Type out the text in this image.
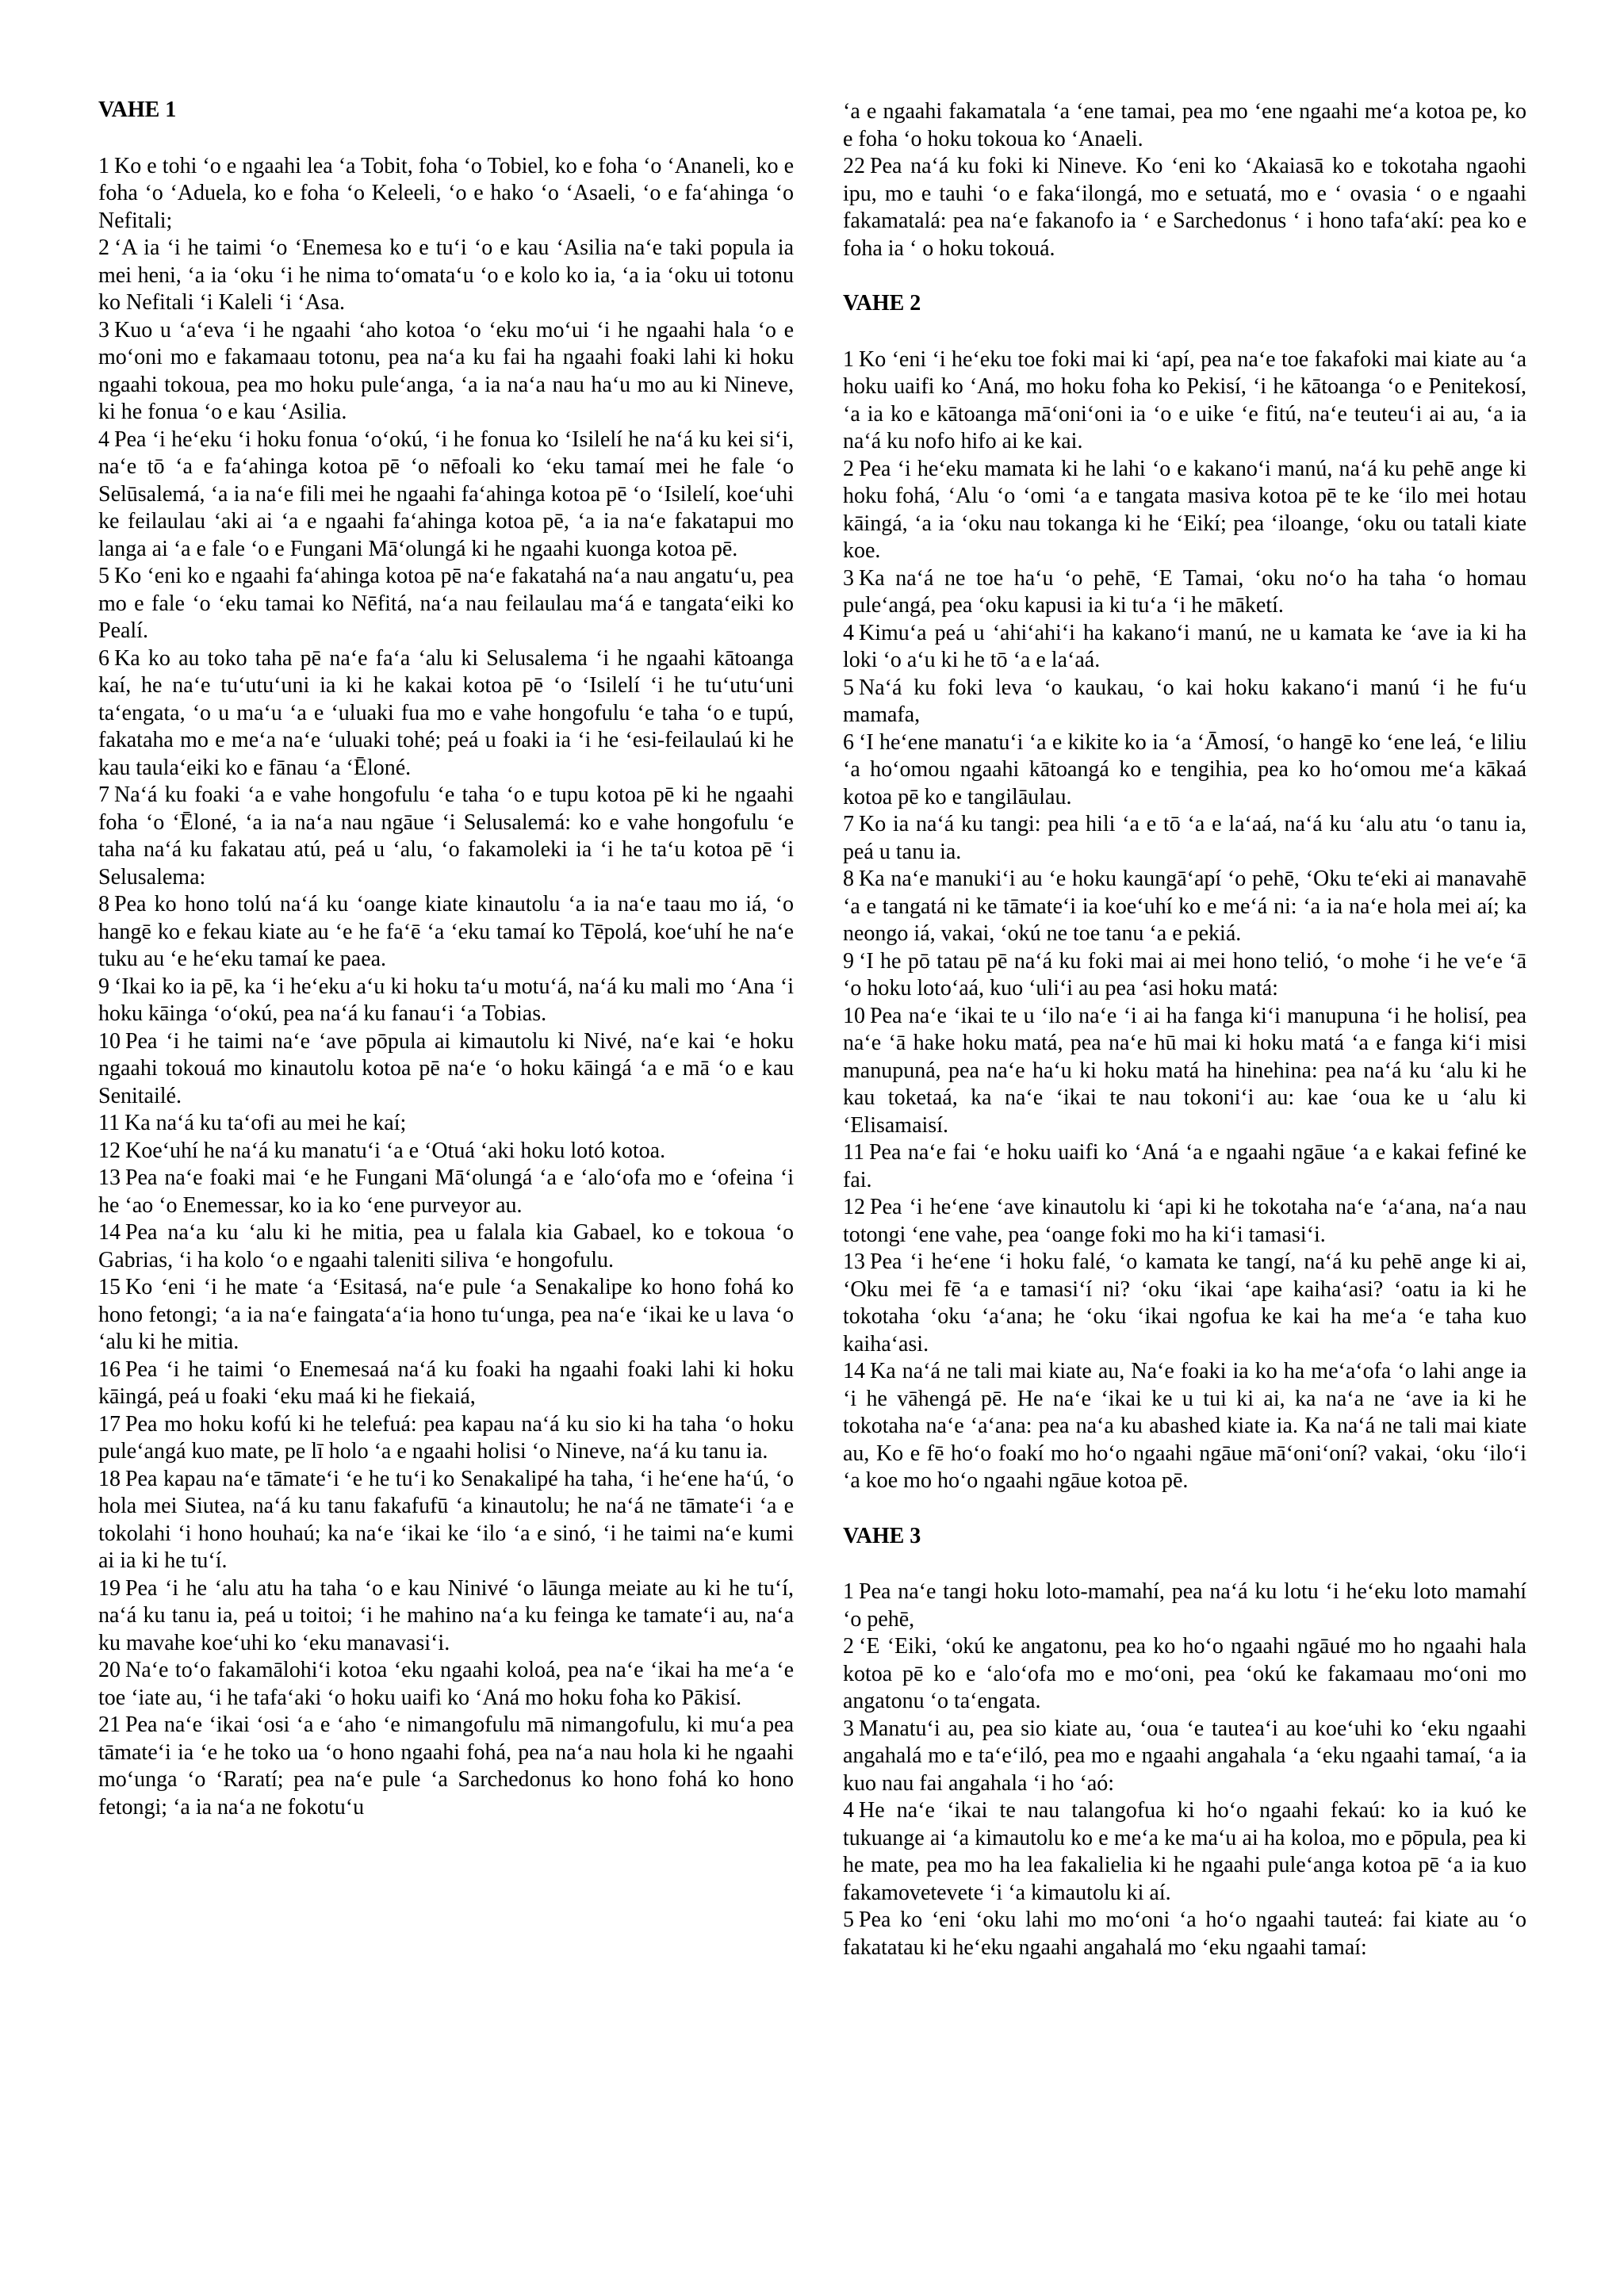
VAHE 1

1 Ko e tohi ʻo e ngaahi lea ʻa Tobit, foha ʻo Tobiel, ko e foha ʻo ʻAnaneli, ko e foha ʻo ʻAduela, ko e foha ʻo Keleeli, ʻo e hako ʻo ʻAsaeli, ʻo e faʻahinga ʻo Nefitali;

2 ʻA ia ʻi he taimi ʻo ʻEnemesa ko e tuʻi ʻo e kau ʻAsilia naʻe taki popula ia mei heni, ʻa ia ʻoku ʻi he nima toʻomataʻu ʻo e kolo ko ia, ʻa ia ʻoku ui totonu ko Nefitali ʻi Kaleli ʻi ʻAsa.

3 Kuo u ʻaʻeva ʻi he ngaahi ʻaho kotoa ʻo ʻeku moʻui ʻi he ngaahi hala ʻo e moʻoni mo e fakamaau totonu, pea naʻa ku fai ha ngaahi foaki lahi ki hoku ngaahi tokoua, pea mo hoku puleʻanga, ʻa ia naʻa nau haʻu mo au ki Nineve, ki he fonua ʻo e kau ʻAsilia.

4 Pea ʻi heʻeku ʻi hoku fonua ʻoʻokú, ʻi he fonua ko ʻIsilelí he naʻá ku kei siʻi, naʻe tō ʻa e faʻahinga kotoa pē ʻo nēfoali ko ʻeku tamaí mei he fale ʻo Selūsalemá, ʻa ia naʻe fili mei he ngaahi faʻahinga kotoa pē ʻo ʻIsilelí, koeʻuhi ke feilaulau ʻaki ai ʻa e ngaahi faʻahinga kotoa pē, ʻa ia naʻe fakatapui mo langa ai ʻa e fale ʻo e Fungani Māʻolungá ki he ngaahi kuonga kotoa pē.

5 Ko ʻeni ko e ngaahi faʻahinga kotoa pē naʻe fakatahá naʻa nau angatuʻu, pea mo e fale ʻo ʻeku tamai ko Nēfitá, naʻa nau feilaulau maʻá e tangataʻeiki ko Pealí.

6 Ka ko au toko taha pē naʻe faʻa ʻalu ki Selusalema ʻi he ngaahi kātoanga kaí, he naʻe tuʻutuʻuni ia ki he kakai kotoa pē ʻo ʻIsilelí ʻi he tuʻutuʻuni taʻengata, ʻo u maʻu ʻa e ʻuluaki fua mo e vahe hongofulu ʻe taha ʻo e tupú, fakataha mo e meʻa naʻe ʻuluaki tohé; peá u foaki ia ʻi he ʻesi-feilaulaú ki he kau taulaʻeiki ko e fānau ʻa ʻĒloné.

7 Naʻá ku foaki ʻa e vahe hongofulu ʻe taha ʻo e tupu kotoa pē ki he ngaahi foha ʻo ʻĒloné, ʻa ia naʻa nau ngāue ʻi Selusalemá: ko e vahe hongofulu ʻe taha naʻá ku fakatau atú, peá u ʻalu, ʻo fakamoleki ia ʻi he taʻu kotoa pē ʻi Selusalema:

8 Pea ko hono tolú naʻá ku ʻoange kiate kinautolu ʻa ia naʻe taau mo iá, ʻo hangē ko e fekau kiate au ʻe he faʻē ʻa ʻeku tamaí ko Tēpolá, koeʻuhí he naʻe tuku au ʻe heʻeku tamaí ke paea.

9 ʻIkai ko ia pē, ka ʻi heʻeku aʻu ki hoku taʻu motuʻá, naʻá ku mali mo ʻAna ʻi hoku kāinga ʻoʻokú, pea naʻá ku fanauʻi ʻa Tobias.

10 Pea ʻi he taimi naʻe ʻave pōpula ai kimautolu ki Nivé, naʻe kai ʻe hoku ngaahi tokouá mo kinautolu kotoa pē naʻe ʻo hoku kāingá ʻa e mā ʻo e kau Senitailé.

11 Ka naʻá ku taʻofi au mei he kaí;

12 Koeʻuhí he naʻá ku manatuʻi ʻa e ʻOtuá ʻaki hoku lotó kotoa.

13 Pea naʻe foaki mai ʻe he Fungani Māʻolungá ʻa e ʻaloʻofa mo e ʻofeina ʻi he ʻao ʻo Enemessar, ko ia ko ʻene purveyor au.

14 Pea naʻa ku ʻalu ki he mitia, pea u falala kia Gabael, ko e tokoua ʻo Gabrias, ʻi ha kolo ʻo e ngaahi taleniti siliva ʻe hongofulu.

15 Ko ʻeni ʻi he mate ʻa ʻEsitasá, naʻe pule ʻa Senakalipe ko hono fohá ko hono fetongi; ʻa ia naʻe faingataʻaʻia hono tuʻunga, pea naʻe ʻikai ke u lava ʻo ʻalu ki he mitia.

16 Pea ʻi he taimi ʻo Enemesaá naʻá ku foaki ha ngaahi foaki lahi ki hoku kāingá, peá u foaki ʻeku maá ki he fiekaiá,

17 Pea mo hoku kofú ki he telefuá: pea kapau naʻá ku sio ki ha taha ʻo hoku puleʻangá kuo mate, pe lī holo ʻa e ngaahi holisi ʻo Nineve, naʻá ku tanu ia.

18 Pea kapau naʻe tāmateʻi ʻe he tuʻi ko Senakalipé ha taha, ʻi heʻene haʻú, ʻo hola mei Siutea, naʻá ku tanu fakafufū ʻa kinautolu; he naʻá ne tāmateʻi ʻa e tokolahi ʻi hono houhaú; ka naʻe ʻikai ke ʻilo ʻa e sinó, ʻi he taimi naʻe kumi ai ia ki he tuʻí.

19 Pea ʻi he ʻalu atu ha taha ʻo e kau Ninivé ʻo lāunga meiate au ki he tuʻí, naʻá ku tanu ia, peá u toitoi; ʻi he mahino naʻa ku feinga ke tamateʻi au, naʻa ku mavahe koeʻuhi ko ʻeku manavasiʻi.

20 Naʻe toʻo fakamālohiʻi kotoa ʻeku ngaahi koloá, pea naʻe ʻikai ha meʻa ʻe toe ʻiate au, ʻi he tafaʻaki ʻo hoku uaifi ko ʻAná mo hoku foha ko Pākisí.

21 Pea naʻe ʻikai ʻosi ʻa e ʻaho ʻe nimangofulu mā nimangofulu, ki muʻa pea tāmateʻi ia ʻe he toko ua ʻo hono ngaahi fohá, pea naʻa nau hola ki he ngaahi moʻunga ʻo ʻRaratí; pea naʻe pule ʻa Sarchedonus ko hono fohá ko hono fetongi; ʻa ia naʻa ne fokotuʻu

ʻa e ngaahi fakamatala ʻa ʻene tamai, pea mo ʻene ngaahi meʻa kotoa pe, ko e foha ʻo hoku tokoua ko ʻAnaeli.

22 Pea naʻá ku foki ki Nineve. Ko ʻeni ko ʻAkaiasā ko e tokotaha ngaohi ipu, mo e tauhi ʻo e fakaʻilongá, mo e setuatá, mo e ʻ ovasia ʻ o e ngaahi fakamatalá: pea naʻe fakanofo ia ʻ e Sarchedonus ʻ i hono tafaʻakí: pea ko e foha ia ʻ o hoku tokouá.

VAHE 2

1 Ko ʻeni ʻi heʻeku toe foki mai ki ʻapí, pea naʻe toe fakafoki mai kiate au ʻa hoku uaifi ko ʻAná, mo hoku foha ko Pekisí, ʻi he kātoanga ʻo e Penitekosí, ʻa ia ko e kātoanga māʻoniʻoni ia ʻo e uike ʻe fitú, naʻe teuteuʻi ai au, ʻa ia naʻá ku nofo hifo ai ke kai.

2 Pea ʻi heʻeku mamata ki he lahi ʻo e kakanoʻi manú, naʻá ku pehē ange ki hoku fohá, ʻAlu ʻo ʻomi ʻa e tangata masiva kotoa pē te ke ʻilo mei hotau kāingá, ʻa ia ʻoku nau tokanga ki he ʻEikí; pea ʻiloange, ʻoku ou tatali kiate koe.

3 Ka naʻá ne toe haʻu ʻo pehē, ʻE Tamai, ʻoku noʻo ha taha ʻo homau puleʻangá, pea ʻoku kapusi ia ki tuʻa ʻi he māketí.

4 Kimuʻa peá u ʻahiʻahiʻi ha kakanoʻi manú, ne u kamata ke ʻave ia ki ha loki ʻo aʻu ki he tō ʻa e laʻaá.

5 Naʻá ku foki leva ʻo kaukau, ʻo kai hoku kakanoʻi manú ʻi he fuʻu mamafa,

6 ʻI heʻene manatuʻi ʻa e kikite ko ia ʻa ʻĀmosí, ʻo hangē ko ʻene leá, ʻe liliu ʻa hoʻomou ngaahi kātoangá ko e tengihia, pea ko hoʻomou meʻa kākaá kotoa pē ko e tangilāulau.

7 Ko ia naʻá ku tangi: pea hili ʻa e tō ʻa e laʻaá, naʻá ku ʻalu atu ʻo tanu ia, peá u tanu ia.

8 Ka naʻe manukiʻi au ʻe hoku kaungāʻapí ʻo pehē, ʻOku teʻeki ai manavahē ʻa e tangatá ni ke tāmateʻi ia koeʻuhí ko e meʻá ni: ʻa ia naʻe hola mei aí; ka neongo iá, vakai, ʻokú ne toe tanu ʻa e pekiá.

9 ʻI he pō tatau pē naʻá ku foki mai ai mei hono telió, ʻo mohe ʻi he veʻe ʻā ʻo hoku lotoʻaá, kuo ʻuliʻi au pea ʻasi hoku matá:

10 Pea naʻe ʻikai te u ʻilo naʻe ʻi ai ha fanga kiʻi manupuna ʻi he holisí, pea naʻe ʻā hake hoku matá, pea naʻe hū mai ki hoku matá ʻa e fanga kiʻi misi manupuná, pea naʻe haʻu ki hoku matá ha hinehina: pea naʻá ku ʻalu ki he kau toketaá, ka naʻe ʻikai te nau tokoniʻi au: kae ʻoua ke u ʻalu ki ʻElisamaisí.

11 Pea naʻe fai ʻe hoku uaifi ko ʻAná ʻa e ngaahi ngāue ʻa e kakai fefiné ke fai.

12 Pea ʻi heʻene ʻave kinautolu ki ʻapi ki he tokotaha naʻe ʻaʻana, naʻa nau totongi ʻene vahe, pea ʻoange foki mo ha kiʻi tamasiʻi.

13 Pea ʻi heʻene ʻi hoku falé, ʻo kamata ke tangí, naʻá ku pehē ange ki ai, ʻOku mei fē ʻa e tamasiʻí ni? ʻoku ʻikai ʻape kaihaʻasi? ʻoatu ia ki he tokotaha ʻoku ʻaʻana; he ʻoku ʻikai ngofua ke kai ha meʻa ʻe taha kuo kaihaʻasi.

14 Ka naʻá ne tali mai kiate au, Naʻe foaki ia ko ha meʻaʻofa ʻo lahi ange ia ʻi he vāhengá pē. He naʻe ʻikai ke u tui ki ai, ka naʻa ne ʻave ia ki he tokotaha naʻe ʻaʻana: pea naʻa ku abashed kiate ia. Ka naʻá ne tali mai kiate au, Ko e fē hoʻo foakí mo hoʻo ngaahi ngāue māʻoniʻoní? vakai, ʻoku ʻiloʻi ʻa koe mo hoʻo ngaahi ngāue kotoa pē.

VAHE 3

1 Pea naʻe tangi hoku loto-mamahí, pea naʻá ku lotu ʻi heʻeku loto mamahí ʻo pehē,

2 ʻE ʻEiki, ʻokú ke angatonu, pea ko hoʻo ngaahi ngāué mo ho ngaahi hala kotoa pē ko e ʻaloʻofa mo e moʻoni, pea ʻokú ke fakamaau moʻoni mo angatonu ʻo taʻengata.

3 Manatuʻi au, pea sio kiate au, ʻoua ʻe tauteaʻi au koeʻuhi ko ʻeku ngaahi angahalá mo e taʻeʻiló, pea mo e ngaahi angahala ʻa ʻeku ngaahi tamaí, ʻa ia kuo nau fai angahala ʻi ho ʻaó:

4 He naʻe ʻikai te nau talangofua ki hoʻo ngaahi fekaú: ko ia kuó ke tukuange ai ʻa kimautolu ko e meʻa ke maʻu ai ha koloa, mo e pōpula, pea ki he mate, pea mo ha lea fakalielia ki he ngaahi puleʻanga kotoa pē ʻa ia kuo fakamovetevete ʻi ʻa kimautolu ki aí.

5 Pea ko ʻeni ʻoku lahi mo moʻoni ʻa hoʻo ngaahi tauteá: fai kiate au ʻo fakatatau ki heʻeku ngaahi angahalá mo ʻeku ngaahi tamaí:
